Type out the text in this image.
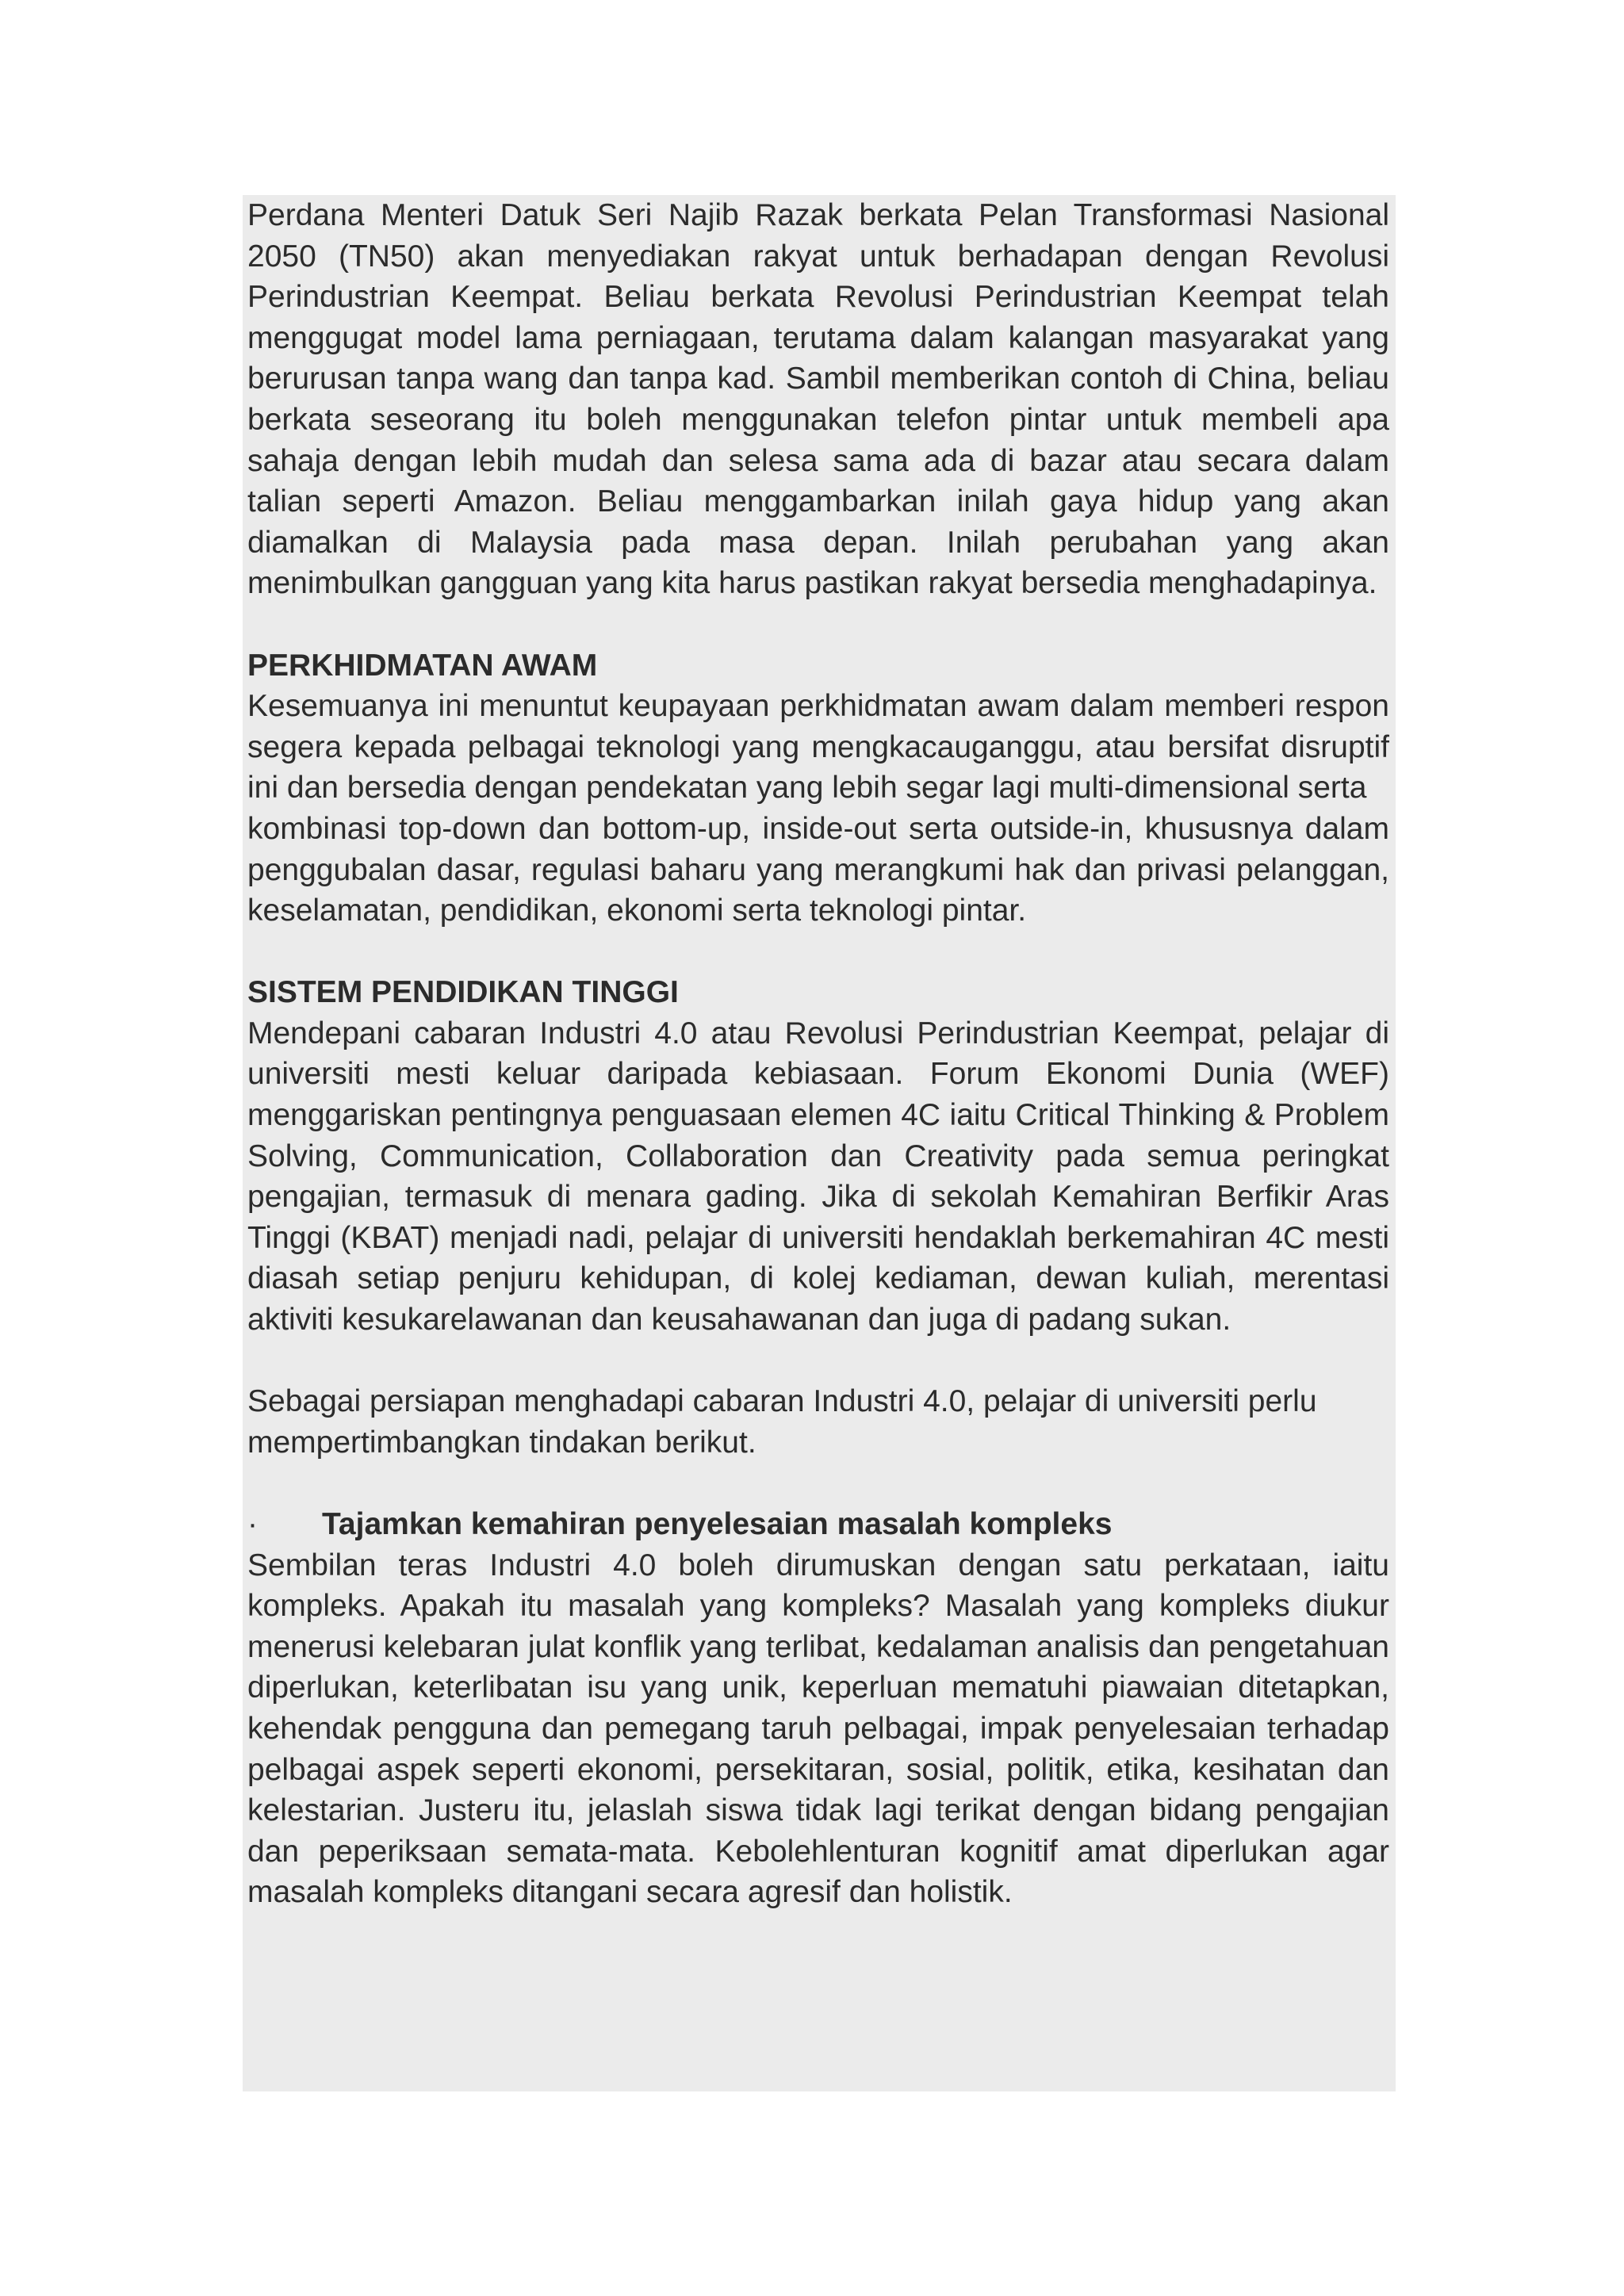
Perdana Menteri Datuk Seri Najib Razak berkata Pelan Transformasi Nasional 2050 (TN50) akan menyediakan rakyat untuk berhadapan dengan Revolusi Perindustrian Keempat. Beliau berkata Revolusi Perindustrian Keempat telah menggugat model lama perniagaan, terutama dalam kalangan masyarakat yang berurusan tanpa wang dan tanpa kad. Sambil memberikan contoh di China, beliau berkata seseorang itu boleh menggunakan telefon pintar untuk membeli apa sahaja dengan lebih mudah dan selesa sama ada di bazar atau secara dalam talian seperti Amazon. Beliau menggambarkan inilah gaya hidup yang akan diamalkan di Malaysia pada masa depan. Inilah perubahan yang akan menimbulkan gangguan yang kita harus pastikan rakyat bersedia menghadapinya.

PERKHIDMATAN AWAM

Kesemuanya ini menuntut keupayaan perkhidmatan awam dalam memberi respon segera kepada pelbagai teknologi yang mengkacauganggu, atau bersifat disruptif ini dan bersedia dengan pendekatan yang lebih segar lagi multi-dimensional serta

kombinasi top-down dan bottom-up, inside-out serta outside-in, khususnya dalam penggubalan dasar, regulasi baharu yang merangkumi hak dan privasi pelanggan, keselamatan, pendidikan, ekonomi serta teknologi pintar.

SISTEM PENDIDIKAN TINGGI

Mendepani cabaran Industri 4.0 atau Revolusi Perindustrian Keempat, pelajar di universiti mesti keluar daripada kebiasaan. Forum Ekonomi Dunia (WEF) menggariskan pentingnya penguasaan elemen 4C iaitu Critical Thinking & Problem Solving, Communication, Collaboration dan Creativity pada semua peringkat pengajian, termasuk di menara gading. Jika di sekolah Kemahiran Berfikir Aras Tinggi (KBAT) menjadi nadi, pelajar di universiti hendaklah berkemahiran 4C mesti diasah setiap penjuru kehidupan, di kolej kediaman, dewan kuliah, merentasi aktiviti kesukarelawanan dan keusahawanan dan juga di padang sukan.

Sebagai persiapan menghadapi cabaran Industri 4.0, pelajar di universiti perlu mempertimbangkan tindakan berikut.

·	Tajamkan kemahiran penyelesaian masalah kompleks

Sembilan teras Industri 4.0 boleh dirumuskan dengan satu perkataan, iaitu kompleks. Apakah itu masalah yang kompleks? Masalah yang kompleks diukur menerusi kelebaran julat konflik yang terlibat, kedalaman analisis dan pengetahuan diperlukan, keterlibatan isu yang unik, keperluan mematuhi piawaian ditetapkan, kehendak pengguna dan pemegang taruh pelbagai, impak penyelesaian terhadap pelbagai aspek seperti ekonomi, persekitaran, sosial, politik, etika, kesihatan dan kelestarian. Justeru itu, jelaslah siswa tidak lagi terikat dengan bidang pengajian dan peperiksaan semata-mata. Kebolehlenturan kognitif amat diperlukan agar masalah kompleks ditangani secara agresif dan holistik.
